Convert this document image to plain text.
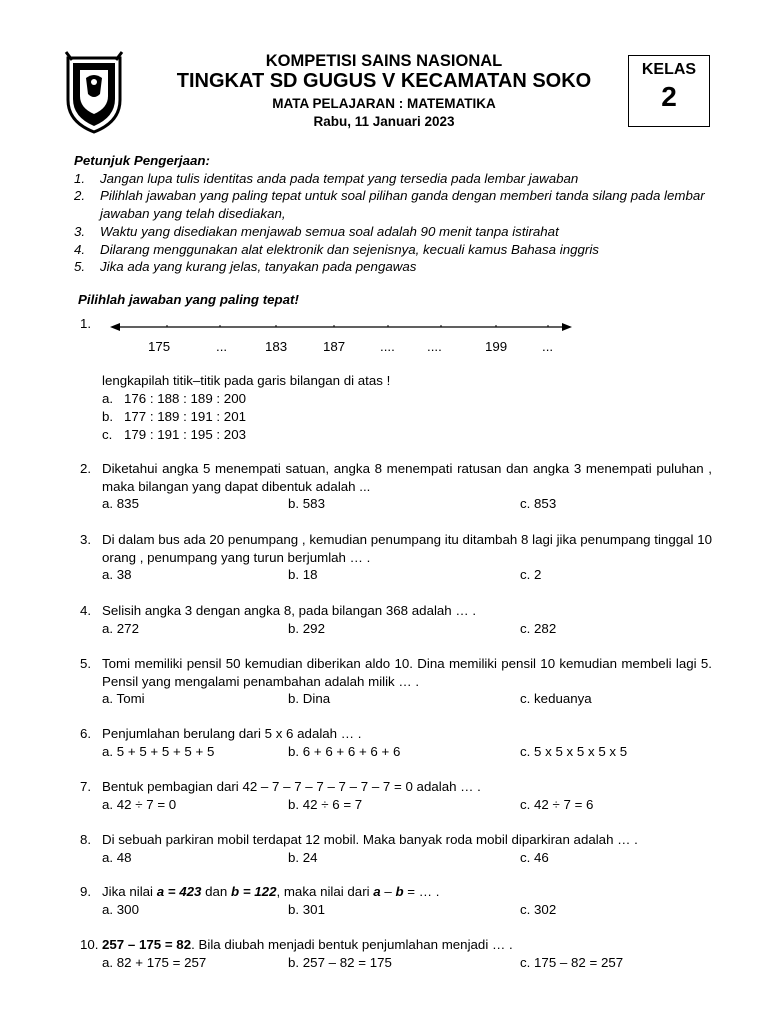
KOMPETISI SAINS NASIONAL
TINGKAT SD GUGUS V KECAMATAN SOKO
MATA PELAJARAN : MATEMATIKA
Rabu, 11 Januari 2023
KELAS
2
Petunjuk Pengerjaan:
1. Jangan lupa tulis identitas anda pada tempat yang tersedia pada lembar jawaban
2. Pilihlah jawaban yang paling tepat untuk soal pilihan ganda dengan memberi tanda silang pada lembar jawaban yang telah disediakan,
3. Waktu yang disediakan menjawab semua soal adalah 90 menit tanpa istirahat
4. Dilarang menggunakan alat elektronik dan sejenisnya, kecuali kamus Bahasa inggris
5. Jika ada yang kurang jelas, tanyakan pada pengawas
Pilihlah jawaban yang paling tepat!
1.
175	...	183	187	.... ....	199	...
lengkapilah titik–titik pada garis bilangan di atas !
a. 176 : 188 : 189 : 200
b. 177 : 189 : 191 : 201
c. 179 : 191 : 195 : 203
2. Diketahui angka 5 menempati satuan, angka 8 menempati ratusan dan angka 3 menempati puluhan , maka bilangan yang dapat dibentuk adalah ...
a. 835	b. 583	c. 853
3. Di dalam bus ada 20 penumpang , kemudian penumpang itu ditambah 8 lagi jika penumpang tinggal 10 orang , penumpang yang turun berjumlah … .
a. 38	b. 18	c. 2
4. Selisih angka 3 dengan angka 8, pada bilangan 368 adalah … .
a. 272	b. 292	c. 282
5. Tomi memiliki pensil 50 kemudian diberikan aldo 10. Dina memiliki pensil 10 kemudian membeli lagi 5. Pensil yang mengalami penambahan adalah milik … .
a. Tomi	b. Dina	c. keduanya
6. Penjumlahan berulang dari 5 x 6 adalah … .
a. 5 + 5 + 5 + 5 + 5	b. 6 + 6 + 6 + 6 + 6	c. 5 x 5 x 5 x 5 x 5
7. Bentuk pembagian dari 42 – 7 – 7 – 7 – 7 – 7 – 7 = 0 adalah … .
a. 42 ÷ 7 = 0	b. 42 ÷ 6 = 7	c. 42 ÷ 7 = 6
8. Di sebuah parkiran mobil terdapat 12 mobil. Maka banyak roda mobil diparkiran adalah … .
a. 48	b. 24	c. 46
9. Jika nilai a = 423 dan b = 122, maka nilai dari a – b = … .
a. 300	b. 301	c. 302
10. 257 – 175 = 82. Bila diubah menjadi bentuk penjumlahan menjadi … .
a. 82 + 175 = 257	b. 257 – 82 = 175	c. 175 – 82 = 257
